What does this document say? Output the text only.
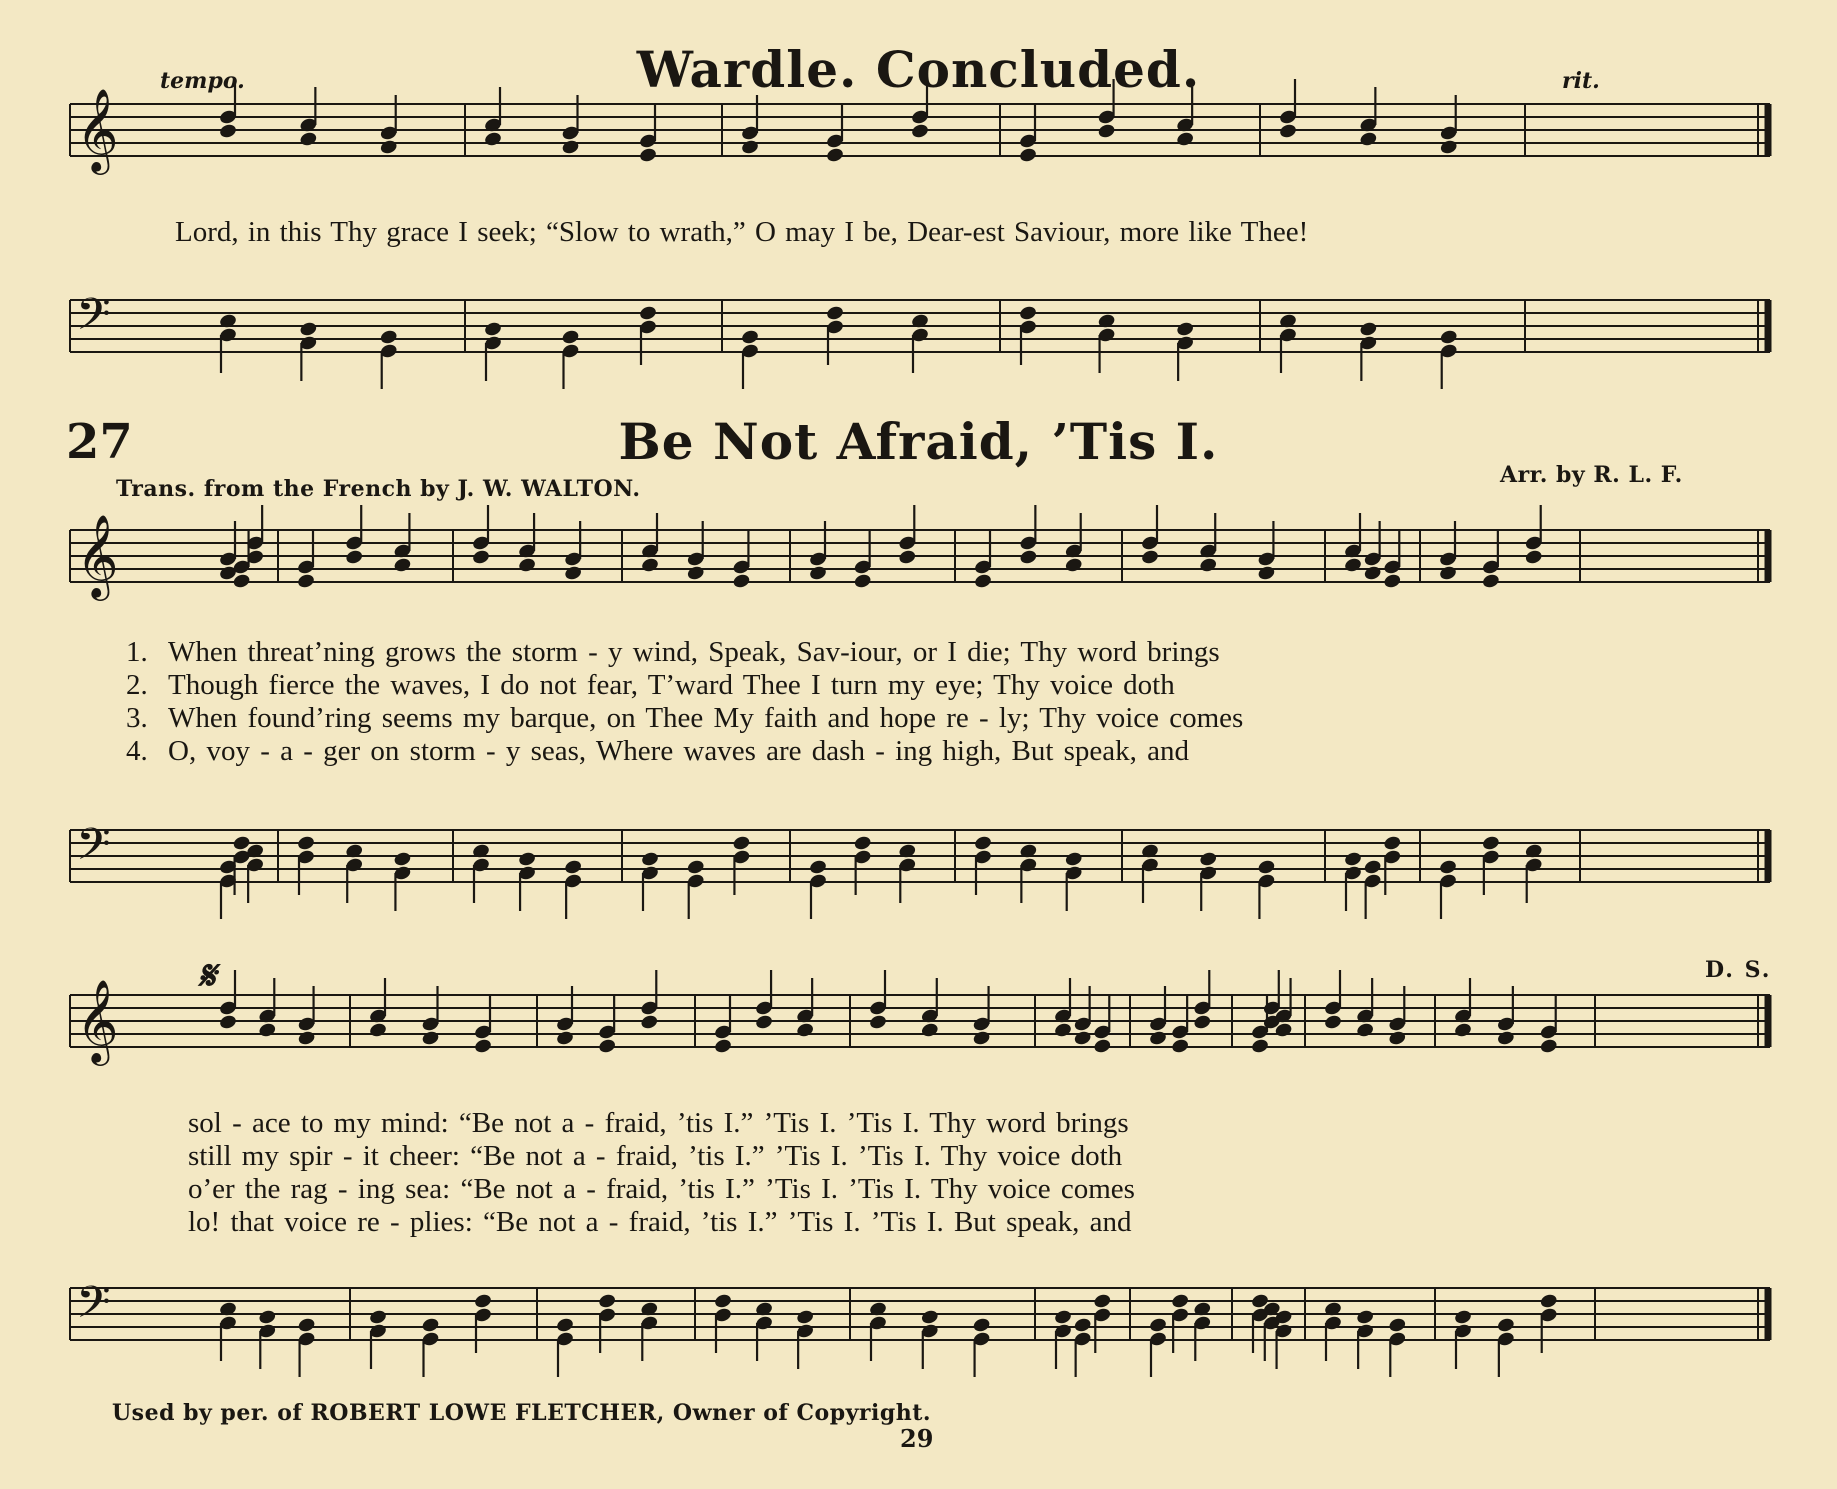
𝄞
𝄢
𝄞
𝄢
𝄞
𝄢
Wardle. Concluded.
tempo.	rit.
Lord, in this Thy grace I seek; “Slow to wrath,” O may I be, Dear-est Saviour, more like Thee!
27	Be Not Afraid, ’Tis I.
Trans. from the French by J. W. WALTON.
Arr. by R. L. F.
1. When threat’ning grows the storm - y wind, Speak, Sav-iour, or I die; Thy word brings
2. Though fierce the waves, I do not fear, T’ward Thee I turn my eye; Thy voice doth
3. When found’ring seems my barque, on Thee My faith and hope re - ly; Thy voice comes
4. O, voy - a - ger on storm - y seas, Where waves are dash - ing high, But speak, and
𝄋	D. S.
sol - ace to my mind: “Be not a - fraid, ’tis I.” ’Tis I. ’Tis I. Thy word brings
still my spir - it cheer: “Be not a - fraid, ’tis I.” ’Tis I. ’Tis I. Thy voice doth
o’er the rag - ing sea: “Be not a - fraid, ’tis I.” ’Tis I. ’Tis I. Thy voice comes
lo! that voice re - plies: “Be not a - fraid, ’tis I.” ’Tis I. ’Tis I. But speak, and
Used by per. of ROBERT LOWE FLETCHER, Owner of Copyright.
29
